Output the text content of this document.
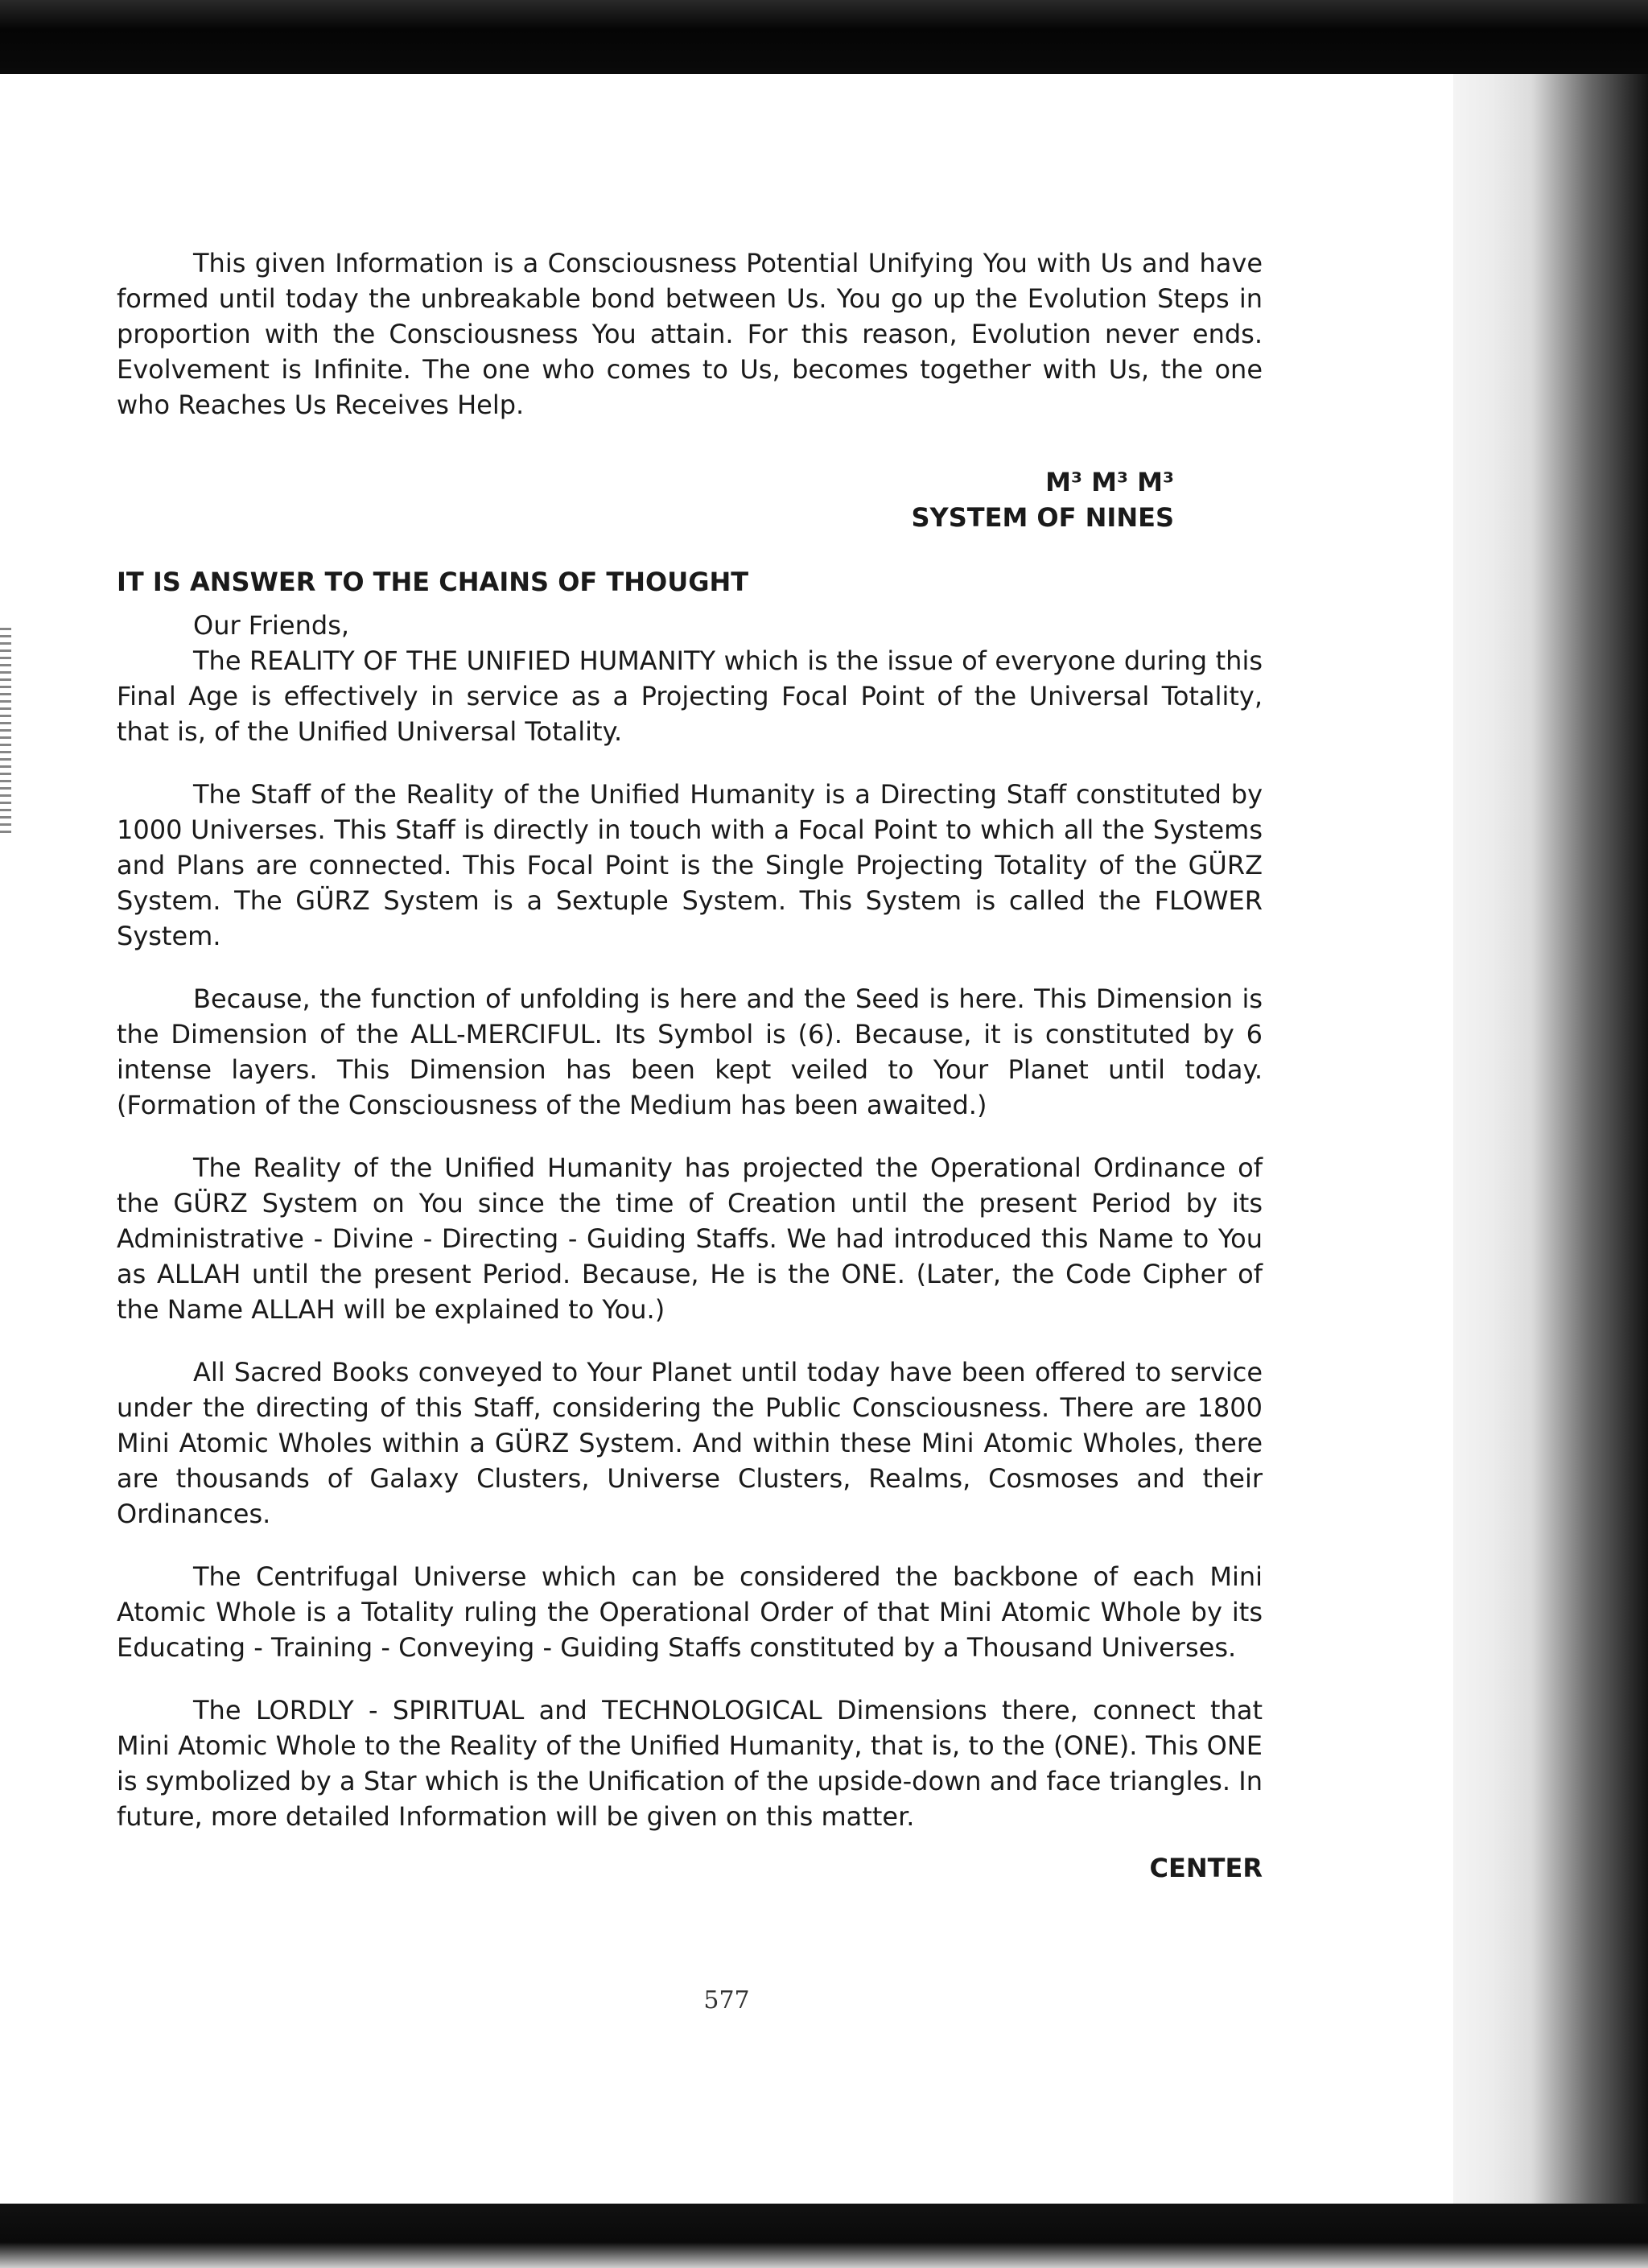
This given Information is a Consciousness Potential Unifying You with Us and have formed until today the unbreakable bond between Us. You go up the Evolution Steps in proportion with the Consciousness You attain. For this reason, Evolution never ends. Evolvement is Infinite. The one who comes to Us, becomes together with Us, the one who Reaches Us Receives Help.

M³ M³ M³
SYSTEM OF NINES

IT IS ANSWER TO THE CHAINS OF THOUGHT

Our Friends,

The REALITY OF THE UNIFIED HUMANITY which is the issue of everyone during this Final Age is effectively in service as a Projecting Focal Point of the Universal Totality, that is, of the Unified Universal Totality.

The Staff of the Reality of the Unified Humanity is a Directing Staff constituted by 1000 Universes. This Staff is directly in touch with a Focal Point to which all the Systems and Plans are connected. This Focal Point is the Single Projecting Totality of the GÜRZ System. The GÜRZ System is a Sextuple System. This System is called the FLOWER System.

Because, the function of unfolding is here and the Seed is here. This Dimension is the Dimension of the ALL-MERCIFUL. Its Symbol is (6). Because, it is constituted by 6 intense layers. This Dimension has been kept veiled to Your Planet until today. (Formation of the Consciousness of the Medium has been awaited.)

The Reality of the Unified Humanity has projected the Operational Ordinance of the GÜRZ System on You since the time of Creation until the present Period by its Administrative - Divine - Directing - Guiding Staffs. We had introduced this Name to You as ALLAH until the present Period. Because, He is the ONE. (Later, the Code Cipher of the Name ALLAH will be explained to You.)

All Sacred Books conveyed to Your Planet until today have been offered to service under the directing of this Staff, considering the Public Consciousness. There are 1800 Mini Atomic Wholes within a GÜRZ System. And within these Mini Atomic Wholes, there are thousands of Galaxy Clusters, Universe Clusters, Realms, Cosmoses and their Ordinances.

The Centrifugal Universe which can be considered the backbone of each Mini Atomic Whole is a Totality ruling the Operational Order of that Mini Atomic Whole by its Educating - Training - Conveying - Guiding Staffs constituted by a Thousand Universes.

The LORDLY - SPIRITUAL and TECHNOLOGICAL Dimensions there, connect that Mini Atomic Whole to the Reality of the Unified Humanity, that is, to the (ONE). This ONE is symbolized by a Star which is the Unification of the upside-down and face triangles. In future, more detailed Information will be given on this matter.

CENTER

577
